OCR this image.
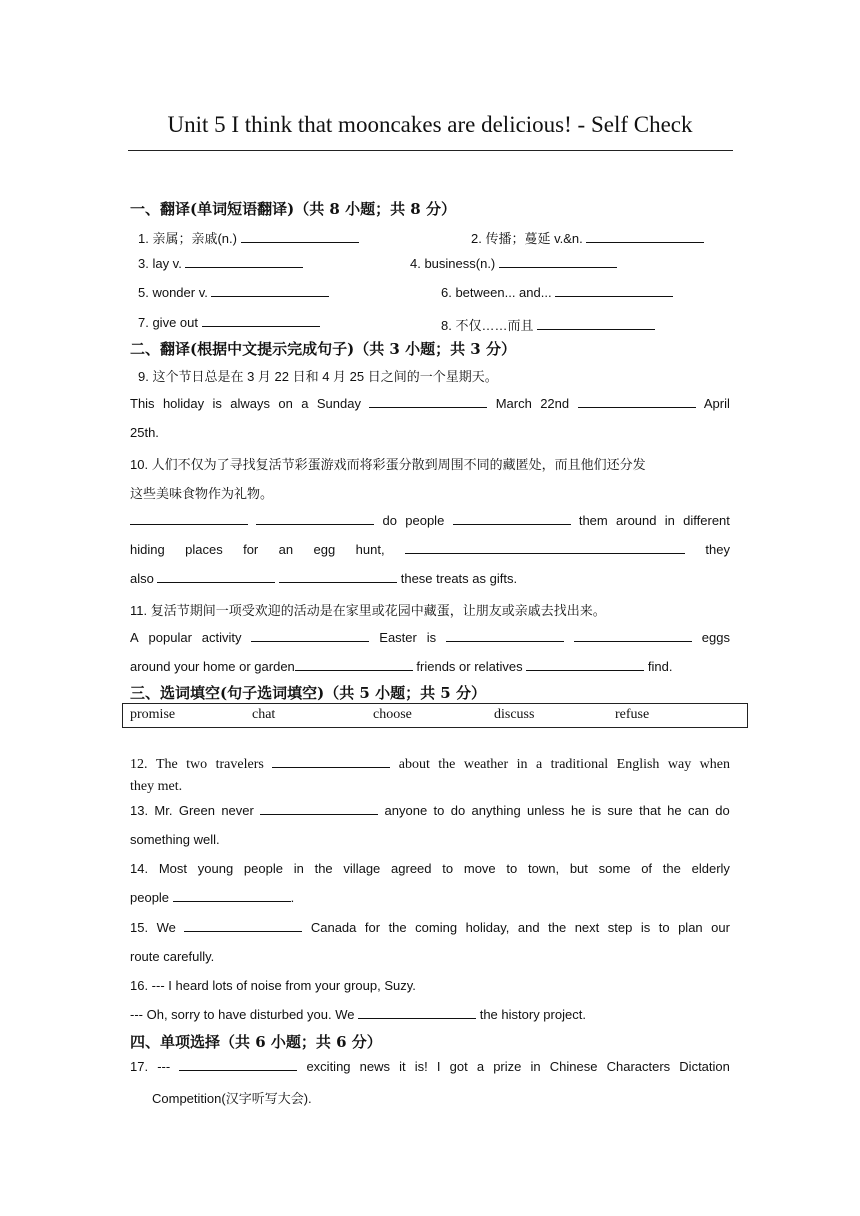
Unit 5 I think that mooncakes are delicious! - Self Check
一、翻译(单词短语翻译)（共 8 小题；共 8 分）
1. 亲属；亲戚(n.)	2. 传播；蔓延 v.&n.
3. lay v.	4. business(n.)
5. wonder v.	6. between... and...
7. give out	8. 不仅……而且
二、翻译(根据中文提示完成句子)（共 3 小题；共 3 分）
9. 这个节日总是在 3 月 22 日和 4 月 25 日之间的一个星期天。
This holiday is always on a Sunday	March 22nd	April
25th.
10. 人们不仅为了寻找复活节彩蛋游戏而将彩蛋分散到周围不同的藏匿处，而且他们还分发
这些美味食物作为礼物。
do people	them around in different
hiding places for an egg hunt,	they
also	these treats as gifts.
11. 复活节期间一项受欢迎的活动是在家里或花园中藏蛋，让朋友或亲戚去找出来。
A popular activity	Easter is	eggs
around your home or garden	friends or relatives	find.
三、选词填空(句子选词填空)（共 5 小题；共 5 分）
promise	chat	choose	discuss	refuse
12. The two travelers	about the weather in a traditional English way when
they met.
13. Mr. Green never	anyone to do anything unless he is sure that he can do
something well.
14. Most young people in the village agreed to move to town, but some of the elderly
people	.
15. We	Canada for the coming holiday, and the next step is to plan our
route carefully.
16. --- I heard lots of noise from your group, Suzy.
--- Oh, sorry to have disturbed you. We	the history project.
四、单项选择（共 6 小题；共 6 分）
17. ---	exciting news it is! I got a prize in Chinese Characters Dictation
Competition(汉字听写大会).
